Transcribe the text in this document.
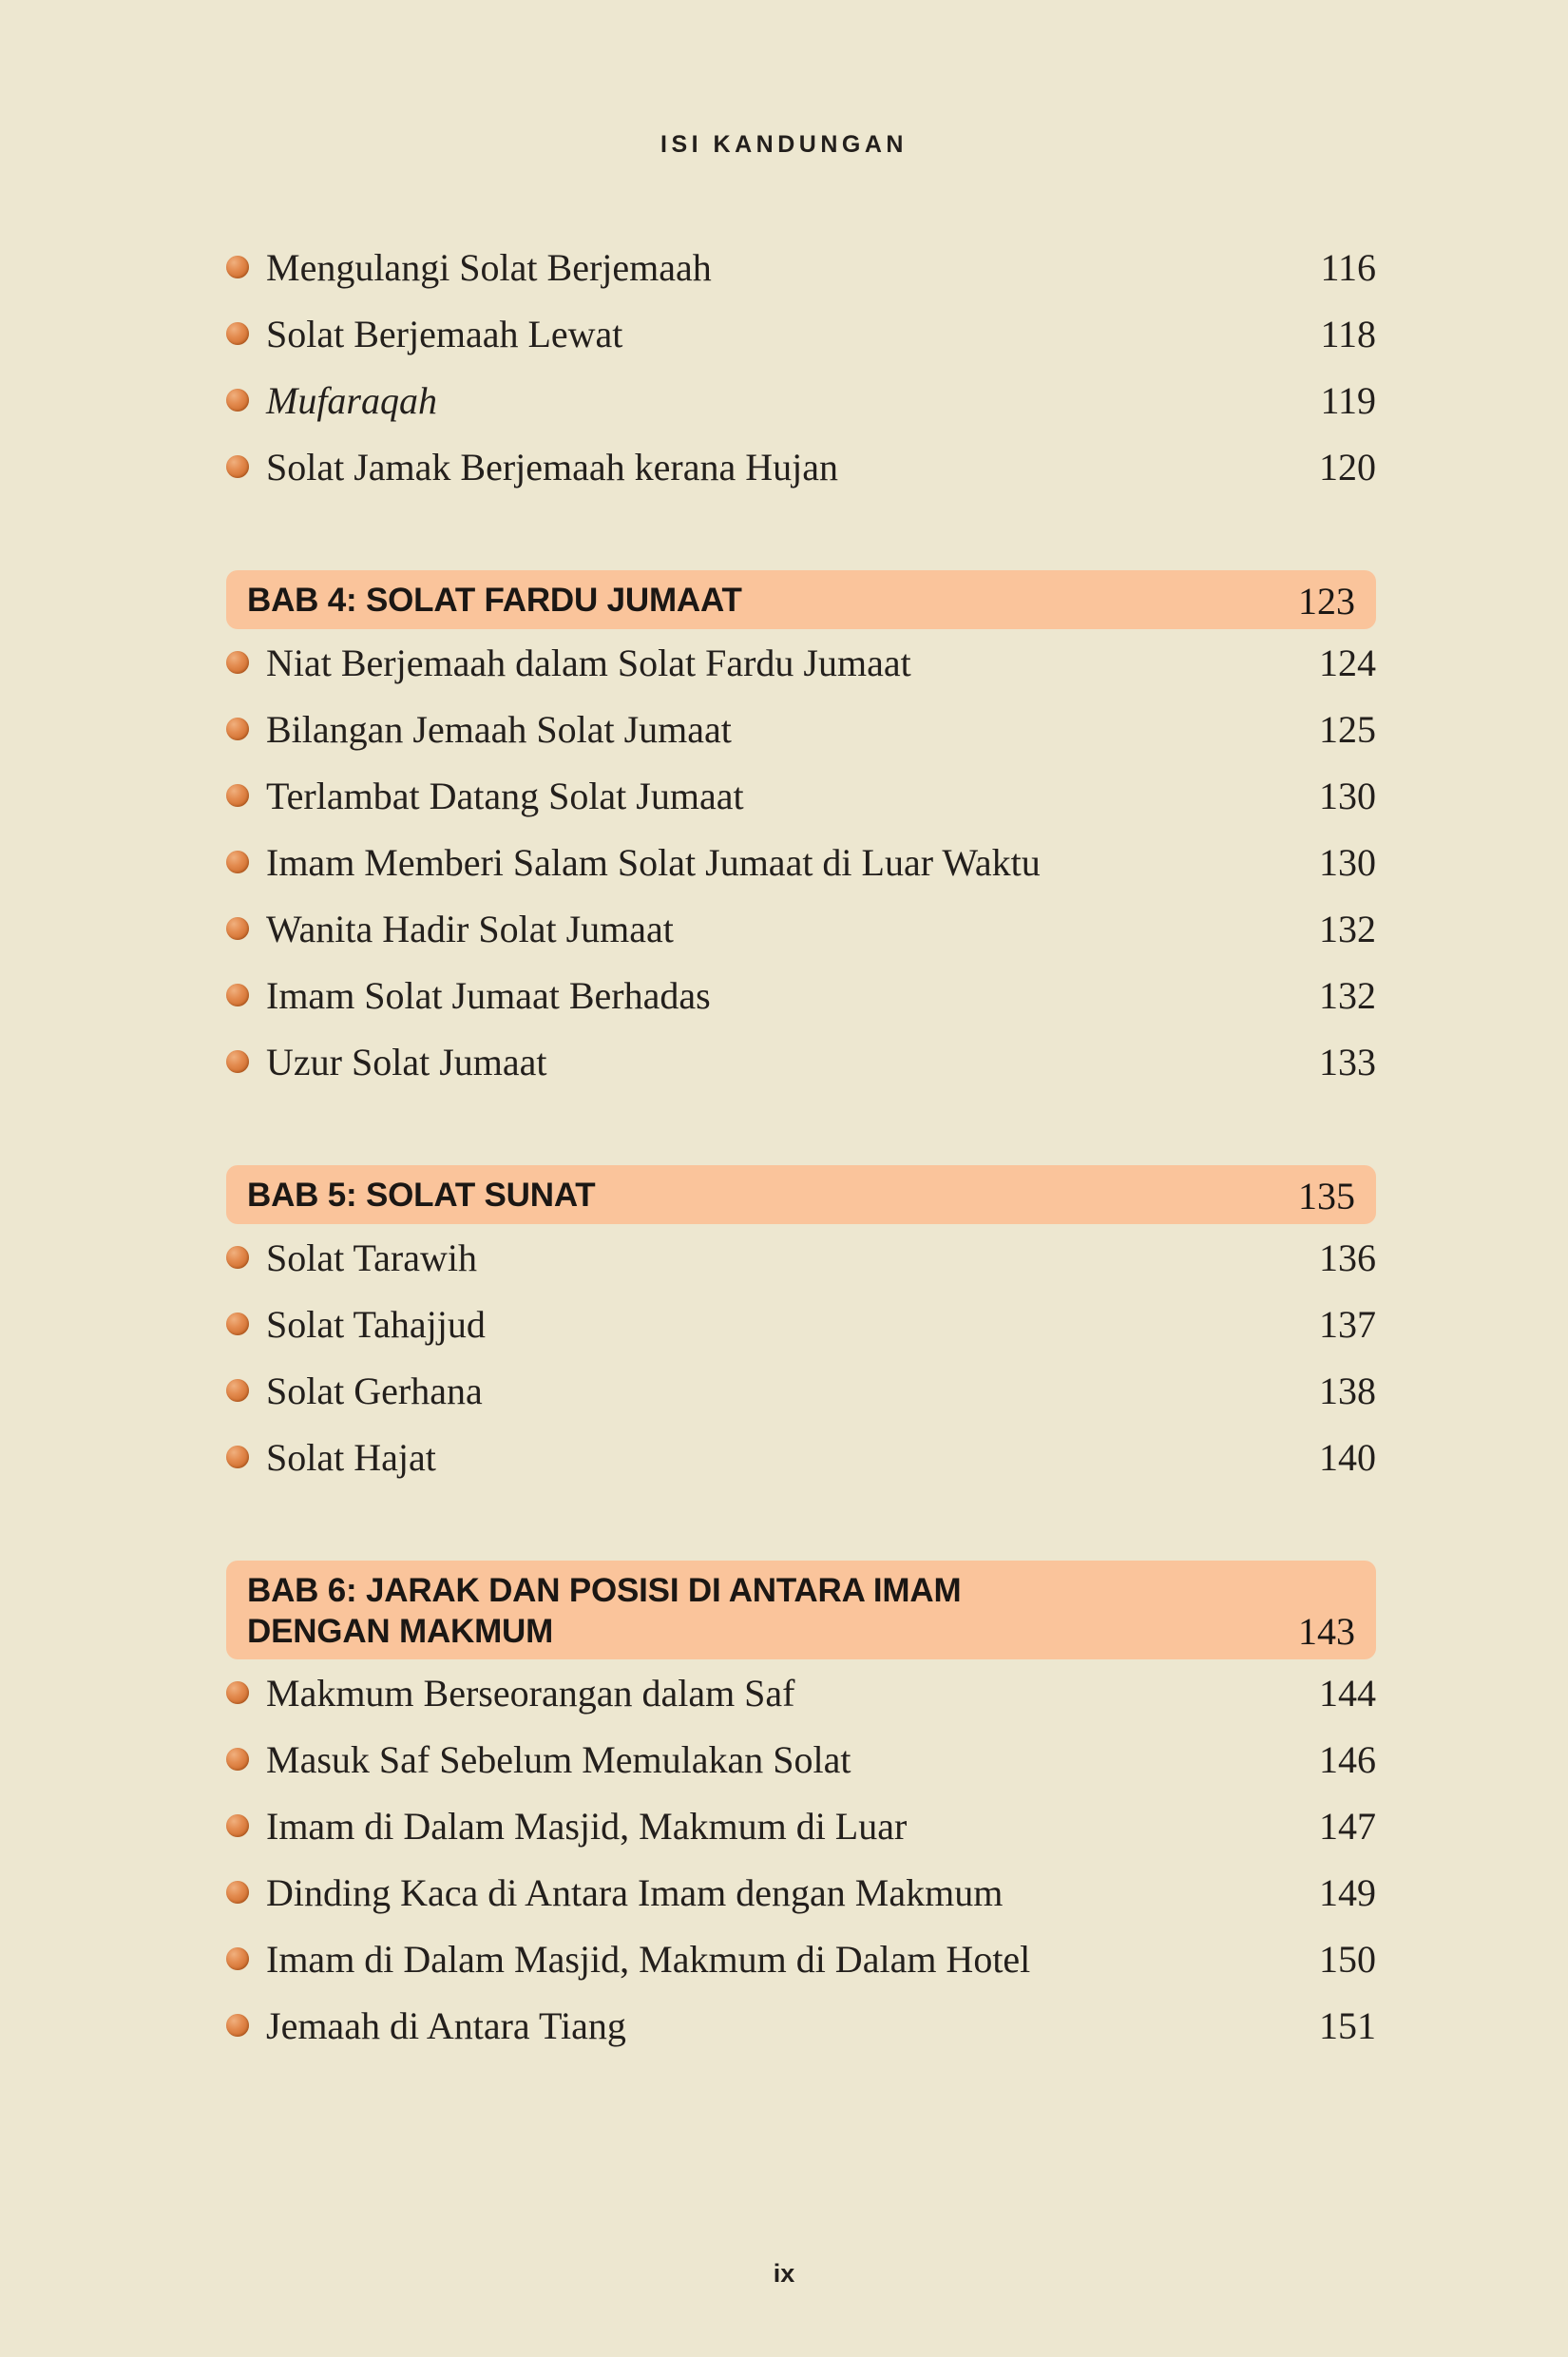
ISI KANDUNGAN
Mengulangi Solat Berjemaah	116
Solat Berjemaah Lewat	118
Mufaraqah	119
Solat Jamak Berjemaah kerana Hujan	120
BAB 4: SOLAT FARDU JUMAAT	123
Niat Berjemaah dalam Solat Fardu Jumaat	124
Bilangan Jemaah Solat Jumaat	125
Terlambat Datang Solat Jumaat	130
Imam Memberi Salam Solat Jumaat di Luar Waktu	130
Wanita Hadir Solat Jumaat	132
Imam Solat Jumaat Berhadas	132
Uzur Solat Jumaat	133
BAB 5: SOLAT SUNAT	135
Solat Tarawih	136
Solat Tahajjud	137
Solat Gerhana	138
Solat Hajat	140
BAB 6: JARAK DAN POSISI DI ANTARA IMAM
DENGAN MAKMUM	143
Makmum Berseorangan dalam Saf	144
Masuk Saf Sebelum Memulakan Solat	146
Imam di Dalam Masjid, Makmum di Luar	147
Dinding Kaca di Antara Imam dengan Makmum	149
Imam di Dalam Masjid, Makmum di Dalam Hotel	150
Jemaah di Antara Tiang	151
ix
